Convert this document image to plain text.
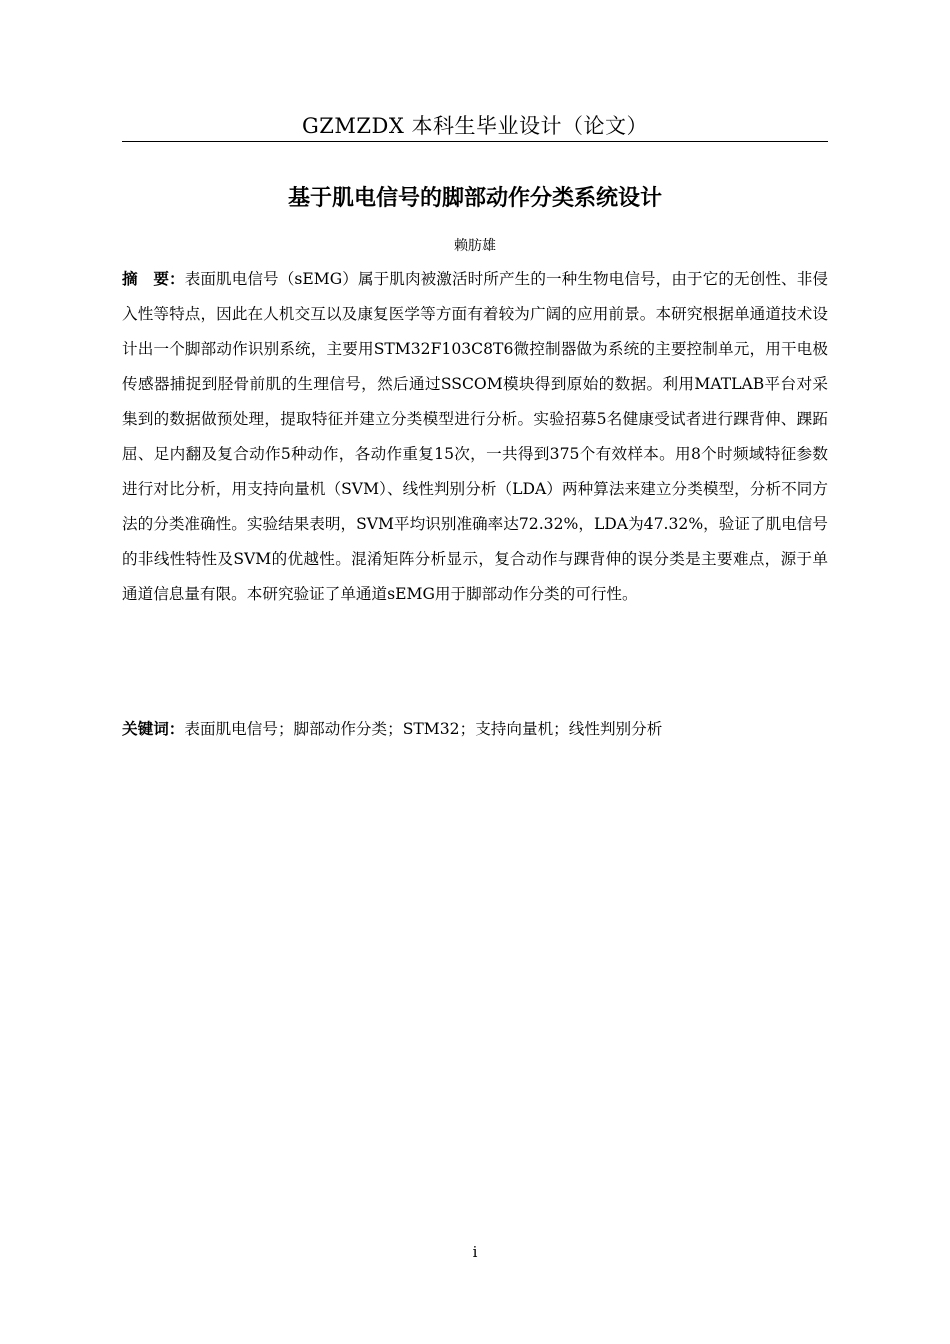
GZMZDX 本科生毕业设计（论文）
基于肌电信号的脚部动作分类系统设计
赖肪雄
摘　要：表面肌电信号（sEMG）属于肌肉被激活时所产生的一种生物电信号，由于它的无创性、非侵入性等特点，因此在人机交互以及康复医学等方面有着较为广阔的应用前景。本研究根据单通道技术设计出一个脚部动作识别系统，主要用STM32F103C8T6微控制器做为系统的主要控制单元，用干电极传感器捕捉到胫骨前肌的生理信号，然后通过SSCOM模块得到原始的数据。利用MATLAB平台对采集到的数据做预处理，提取特征并建立分类模型进行分析。实验招募5名健康受试者进行踝背伸、踝跖屈、足内翻及复合动作5种动作，各动作重复15次，一共得到375个有效样本。用8个时频域特征参数进行对比分析，用支持向量机（SVM）、线性判别分析（LDA）两种算法来建立分类模型，分析不同方法的分类准确性。实验结果表明，SVM平均识别准确率达72.32%，LDA为47.32%，验证了肌电信号的非线性特性及SVM的优越性。混淆矩阵分析显示，复合动作与踝背伸的误分类是主要难点，源于单通道信息量有限。本研究验证了单通道sEMG用于脚部动作分类的可行性。
关键词：表面肌电信号；脚部动作分类；STM32；支持向量机；线性判别分析
i
